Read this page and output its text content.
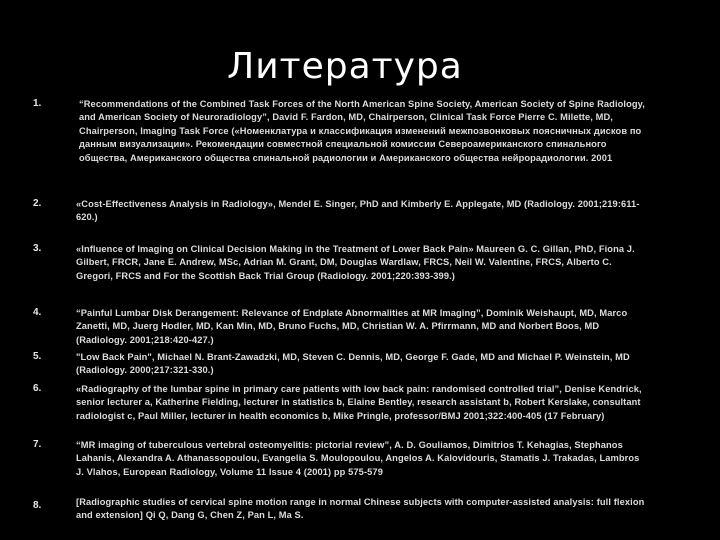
Литература
1.	“Recommendations of the Combined Task Forces of the North American Spine Society, American Society of Spine Radiology, and American Society of Neuroradiology”, David F. Fardon, MD, Chairperson, Clinical Task Force Pierre C. Milette, MD, Chairperson, Imaging Task Force («Номенклатура и классификация изменений межпозвонковых поясничных дисков по данным визуализации». Рекомендации совместной специальной комиссии Североамериканского спинального общества, Американского общества спинальной радиологии и Американского общества нейрорадиологии. 2001
2.	«Cost-Effectiveness Analysis in Radiology», Mendel E. Singer, PhD and Kimberly E. Applegate, MD (Radiology. 2001;219:611-620.)
3.	«Influence of Imaging on Clinical Decision Making in the Treatment of Lower Back Pain» Maureen G. C. Gillan, PhD, Fiona J. Gilbert, FRCR, Jane E. Andrew, MSc, Adrian M. Grant, DM, Douglas Wardlaw, FRCS, Neil W. Valentine, FRCS, Alberto C. Gregori, FRCS and For the Scottish Back Trial Group (Radiology. 2001;220:393-399.)
4.	“Painful Lumbar Disk Derangement: Relevance of Endplate Abnormalities at MR Imaging”, Dominik Weishaupt, MD, Marco Zanetti, MD, Juerg Hodler, MD, Kan Min, MD, Bruno Fuchs, MD, Christian W. A. Pfirrmann, MD and Norbert Boos, MD (Radiology. 2001;218:420-427.)
5.	"Low Back Pain", Michael N. Brant-Zawadzki, MD, Steven C. Dennis, MD, George F. Gade, MD and Michael P. Weinstein, MD (Radiology. 2000;217:321-330.)
6.	«Radiography of the lumbar spine in primary care patients with low back pain: randomised controlled trial”, Denise Kendrick, senior lecturer a, Katherine Fielding, lecturer in statistics b, Elaine Bentley, research assistant b, Robert Kerslake, consultant radiologist c, Paul Miller, lecturer in health economics b, Mike Pringle, professor/BMJ 2001;322:400-405 (17 February)
7.	“MR imaging of tuberculous vertebral osteomyelitis: pictorial review”, A. D. Gouliamos, Dimitrios T. Kehagias, Stephanos Lahanis, Alexandra A. Athanassopoulou, Evangelia S. Moulopoulou, Angelos A. Kalovidouris, Stamatis J. Trakadas, Lambros J. Vlahos, European Radiology, Volume 11 Issue 4 (2001) pp 575-579
8.	[Radiographic studies of cervical spine motion range in normal Chinese subjects with computer-assisted analysis: full flexion and extension] Qi Q, Dang G, Chen Z, Pan L, Ma S.
